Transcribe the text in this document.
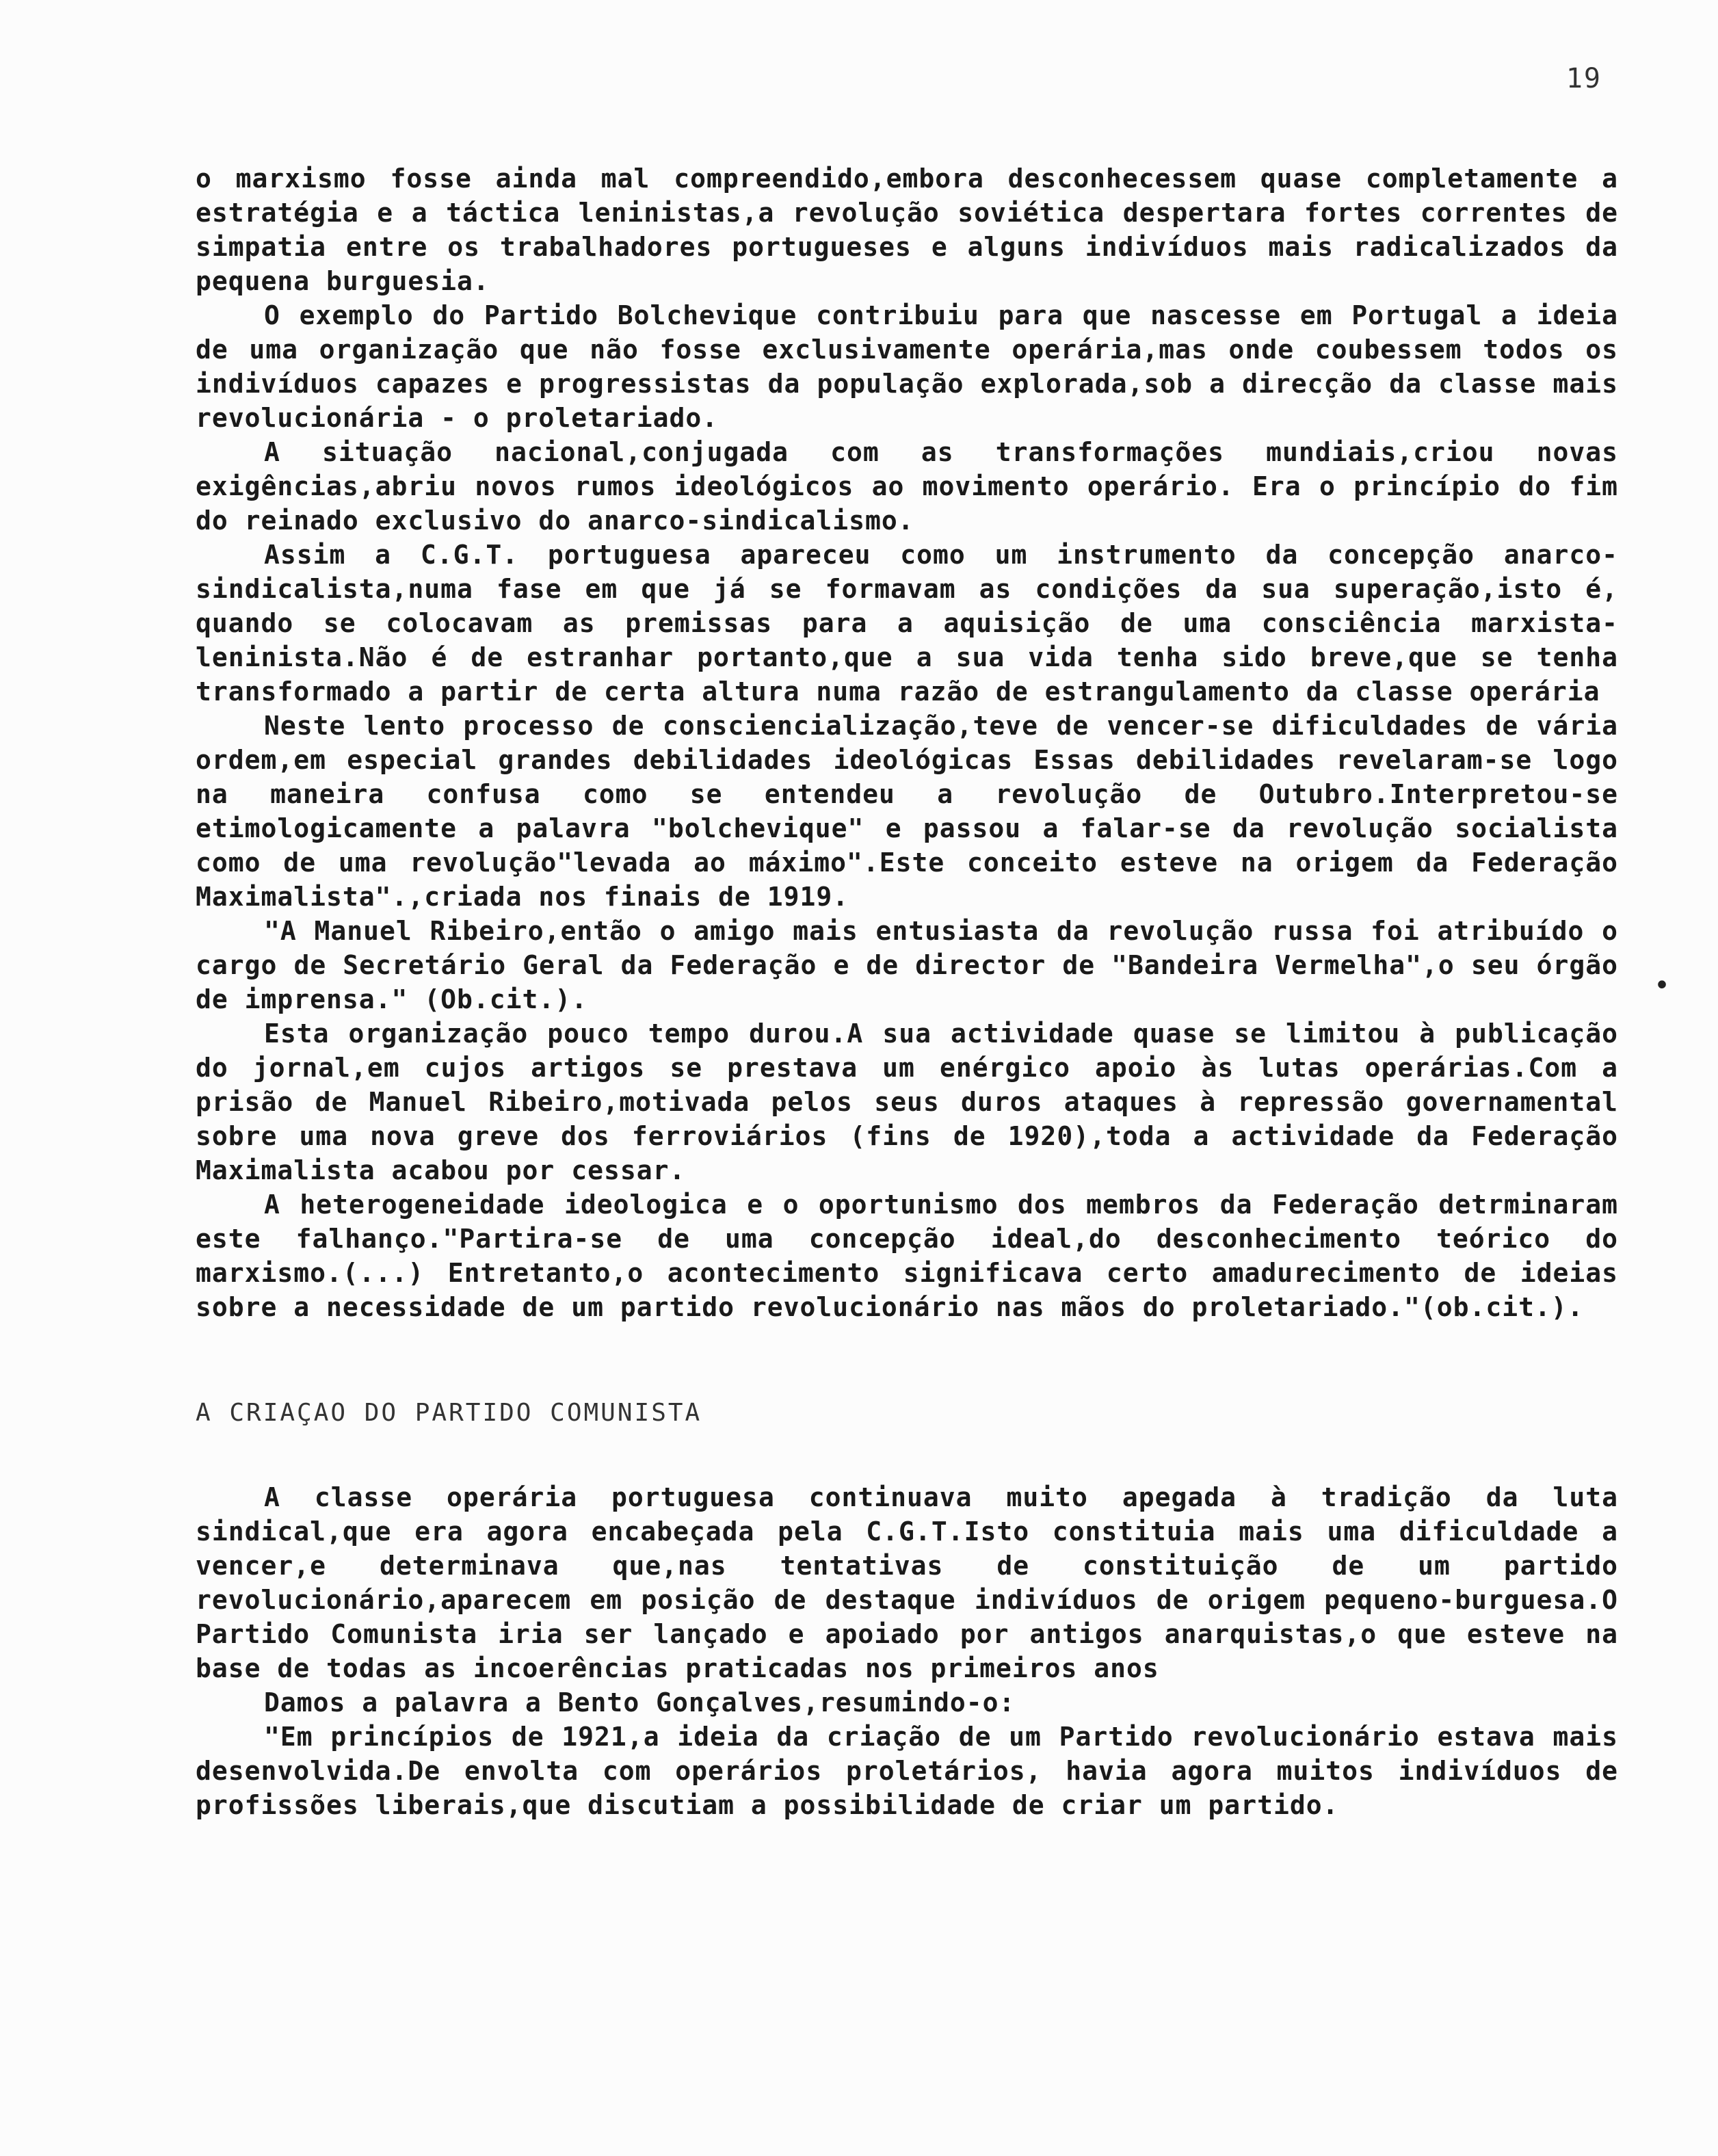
19
•

o marxismo fosse ainda mal compreendido,embora desconhecessem quase completamente a estratégia e a táctica leninistas,a revolução soviética despertara fortes correntes de simpatia entre os trabalhadores portugueses e alguns indivíduos mais radicalizados da pequena burguesia.

O exemplo do Partido Bolchevique contribuiu para que nascesse em Portugal a ideia de uma organização que não fosse exclusivamente operária,mas onde coubessem todos os indivíduos capazes e progressistas da população explorada,sob a direcção da classe mais revolucionária - o proletariado.

A situação nacional,conjugada com as transformações mundiais,criou novas exigências,abriu novos rumos ideológicos ao movimento operário. Era o princípio do fim do reinado exclusivo do anarco-sindicalismo.

Assim a C.G.T. portuguesa apareceu como um instrumento da concepção anarco-sindicalista,numa fase em que já se formavam as condições da sua superação,isto é, quando se colocavam as premissas para a aquisição de uma consciência marxista-leninista.Não é de estranhar portanto,que a sua vida tenha sido breve,que se tenha transformado a partir de certa altura numa razão de estrangulamento da classe operária

Neste lento processo de consciencialização,teve de vencer-se dificuldades de vária ordem,em especial grandes debilidades ideológicas Essas debilidades revelaram-se logo na maneira confusa como se entendeu a revolução de Outubro.Interpretou-se etimologicamente a palavra "bolchevique" e passou a falar-se da revolução socialista como de uma revolução"levada ao máximo".Este conceito esteve na origem da Federação Maximalista".,criada nos finais de 1919.

"A Manuel Ribeiro,então o amigo mais entusiasta da revolução russa foi atribuído o cargo de Secretário Geral da Federação e de director de "Bandeira Vermelha",o seu órgão de imprensa." (Ob.cit.).

Esta organização pouco tempo durou.A sua actividade quase se limitou à publicação do jornal,em cujos artigos se prestava um enérgico apoio às lutas operárias.Com a prisão de Manuel Ribeiro,motivada pelos seus duros ataques à repressão governamental sobre uma nova greve dos ferroviários (fins de 1920),toda a actividade da Federação Maximalista acabou por cessar.

A heterogeneidade ideologica e o oportunismo dos membros da Federação detrminaram este falhanço."Partira-se de uma concepção ideal,do desconhecimento teórico do marxismo.(...) Entretanto,o acontecimento significava certo amadurecimento de ideias sobre a necessidade de um partido revolucionário nas mãos do proletariado."(ob.cit.).

A CRIAÇAO DO PARTIDO COMUNISTA

A classe operária portuguesa continuava muito apegada à tradição da luta sindical,que era agora encabeçada pela C.G.T.Isto constituia mais uma dificuldade a vencer,e determinava que,nas tentativas de constituição de um partido revolucionário,aparecem em posição de destaque indivíduos de origem pequeno-burguesa.O Partido Comunista iria ser lançado e apoiado por antigos anarquistas,o que esteve na base de todas as incoerências praticadas nos primeiros anos

Damos a palavra a Bento Gonçalves,resumindo-o:

"Em princípios de 1921,a ideia da criação de um Partido revolucionário estava mais desenvolvida.De envolta com operários proletários, havia agora muitos indivíduos de profissões liberais,que discutiam a possibilidade de criar um partido.
